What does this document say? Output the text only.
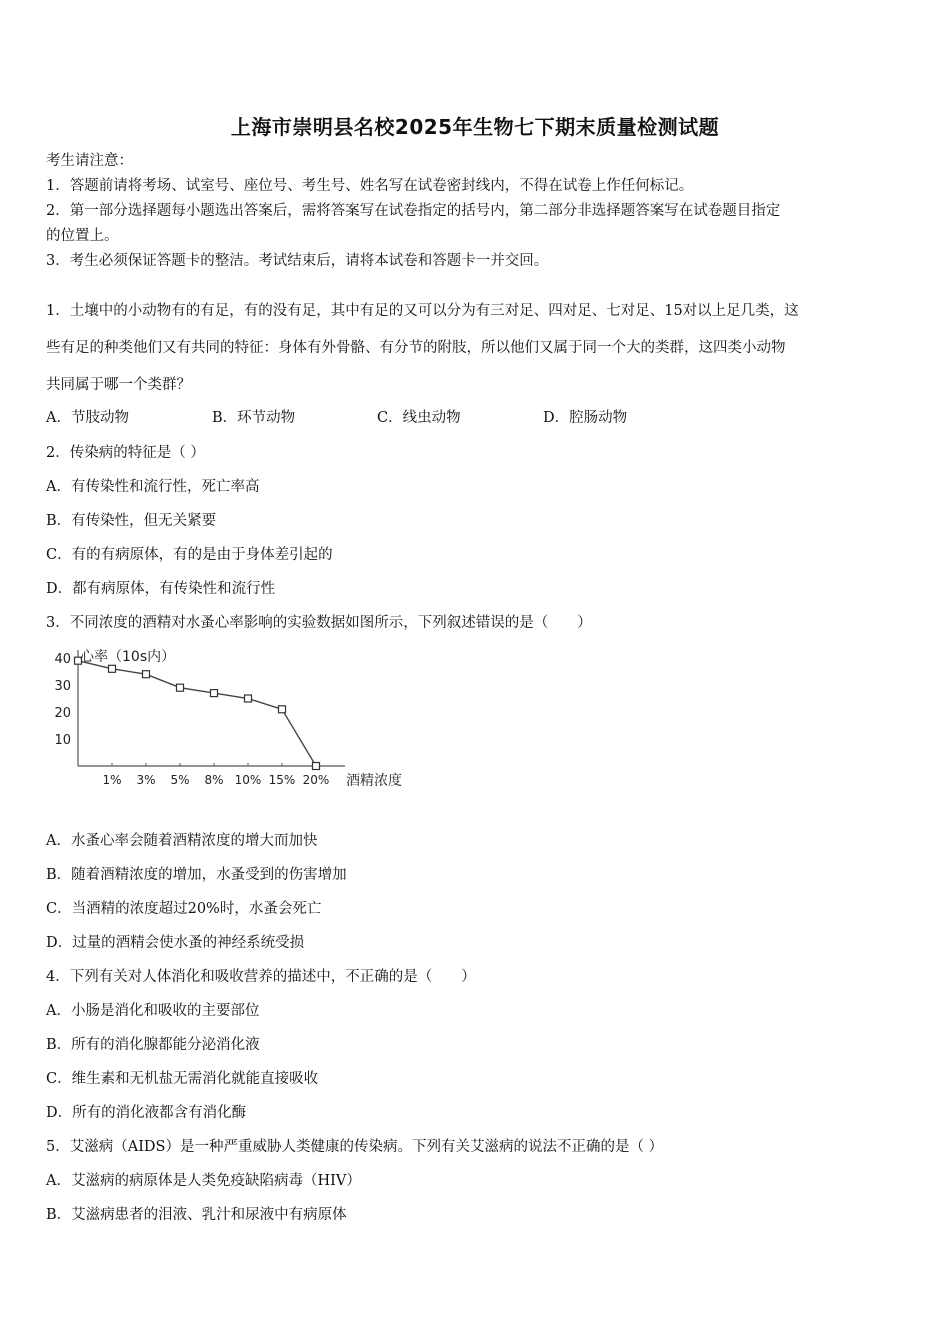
上海市崇明县名校2025年生物七下期末质量检测试题
考生请注意：
1．答题前请将考场、试室号、座位号、考生号、姓名写在试卷密封线内，不得在试卷上作任何标记。
2．第一部分选择题每小题选出答案后，需将答案写在试卷指定的括号内，第二部分非选择题答案写在试卷题目指定
的位置上。
3．考生必须保证答题卡的整洁。考试结束后，请将本试卷和答题卡一并交回。
1．土壤中的小动物有的有足，有的没有足，其中有足的又可以分为有三对足、四对足、七对足、15对以上足几类，这
些有足的种类他们又有共同的特征：身体有外骨骼、有分节的附肢，所以他们又属于同一个大的类群，这四类小动物
共同属于哪一个类群？
A．节肢动物	B．环节动物	C．线虫动物	D．腔肠动物
2．传染病的特征是（ ）
A．有传染性和流行性，死亡率高
B．有传染性，但无关紧要
C．有的有病原体，有的是由于身体差引起的
D．都有病原体，有传染性和流行性
3．不同浓度的酒精对水蚤心率影响的实验数据如图所示，下列叙述错误的是（　　）
10
20
30
40
1% 3% 5% 8% 10% 15% 20%
心率（10s内）
酒精浓度
A．水蚤心率会随着酒精浓度的增大而加快
B．随着酒精浓度的增加，水蚤受到的伤害增加
C．当酒精的浓度超过20%时，水蚤会死亡
D．过量的酒精会使水蚤的神经系统受损
4．下列有关对人体消化和吸收营养的描述中，不正确的是（　　）
A．小肠是消化和吸收的主要部位
B．所有的消化腺都能分泌消化液
C．维生素和无机盐无需消化就能直接吸收
D．所有的消化液都含有消化酶
5．艾滋病（AIDS）是一种严重威胁人类健康的传染病。下列有关艾滋病的说法不正确的是（ ）
A．艾滋病的病原体是人类免疫缺陷病毒（HIV）
B．艾滋病患者的泪液、乳汁和尿液中有病原体
